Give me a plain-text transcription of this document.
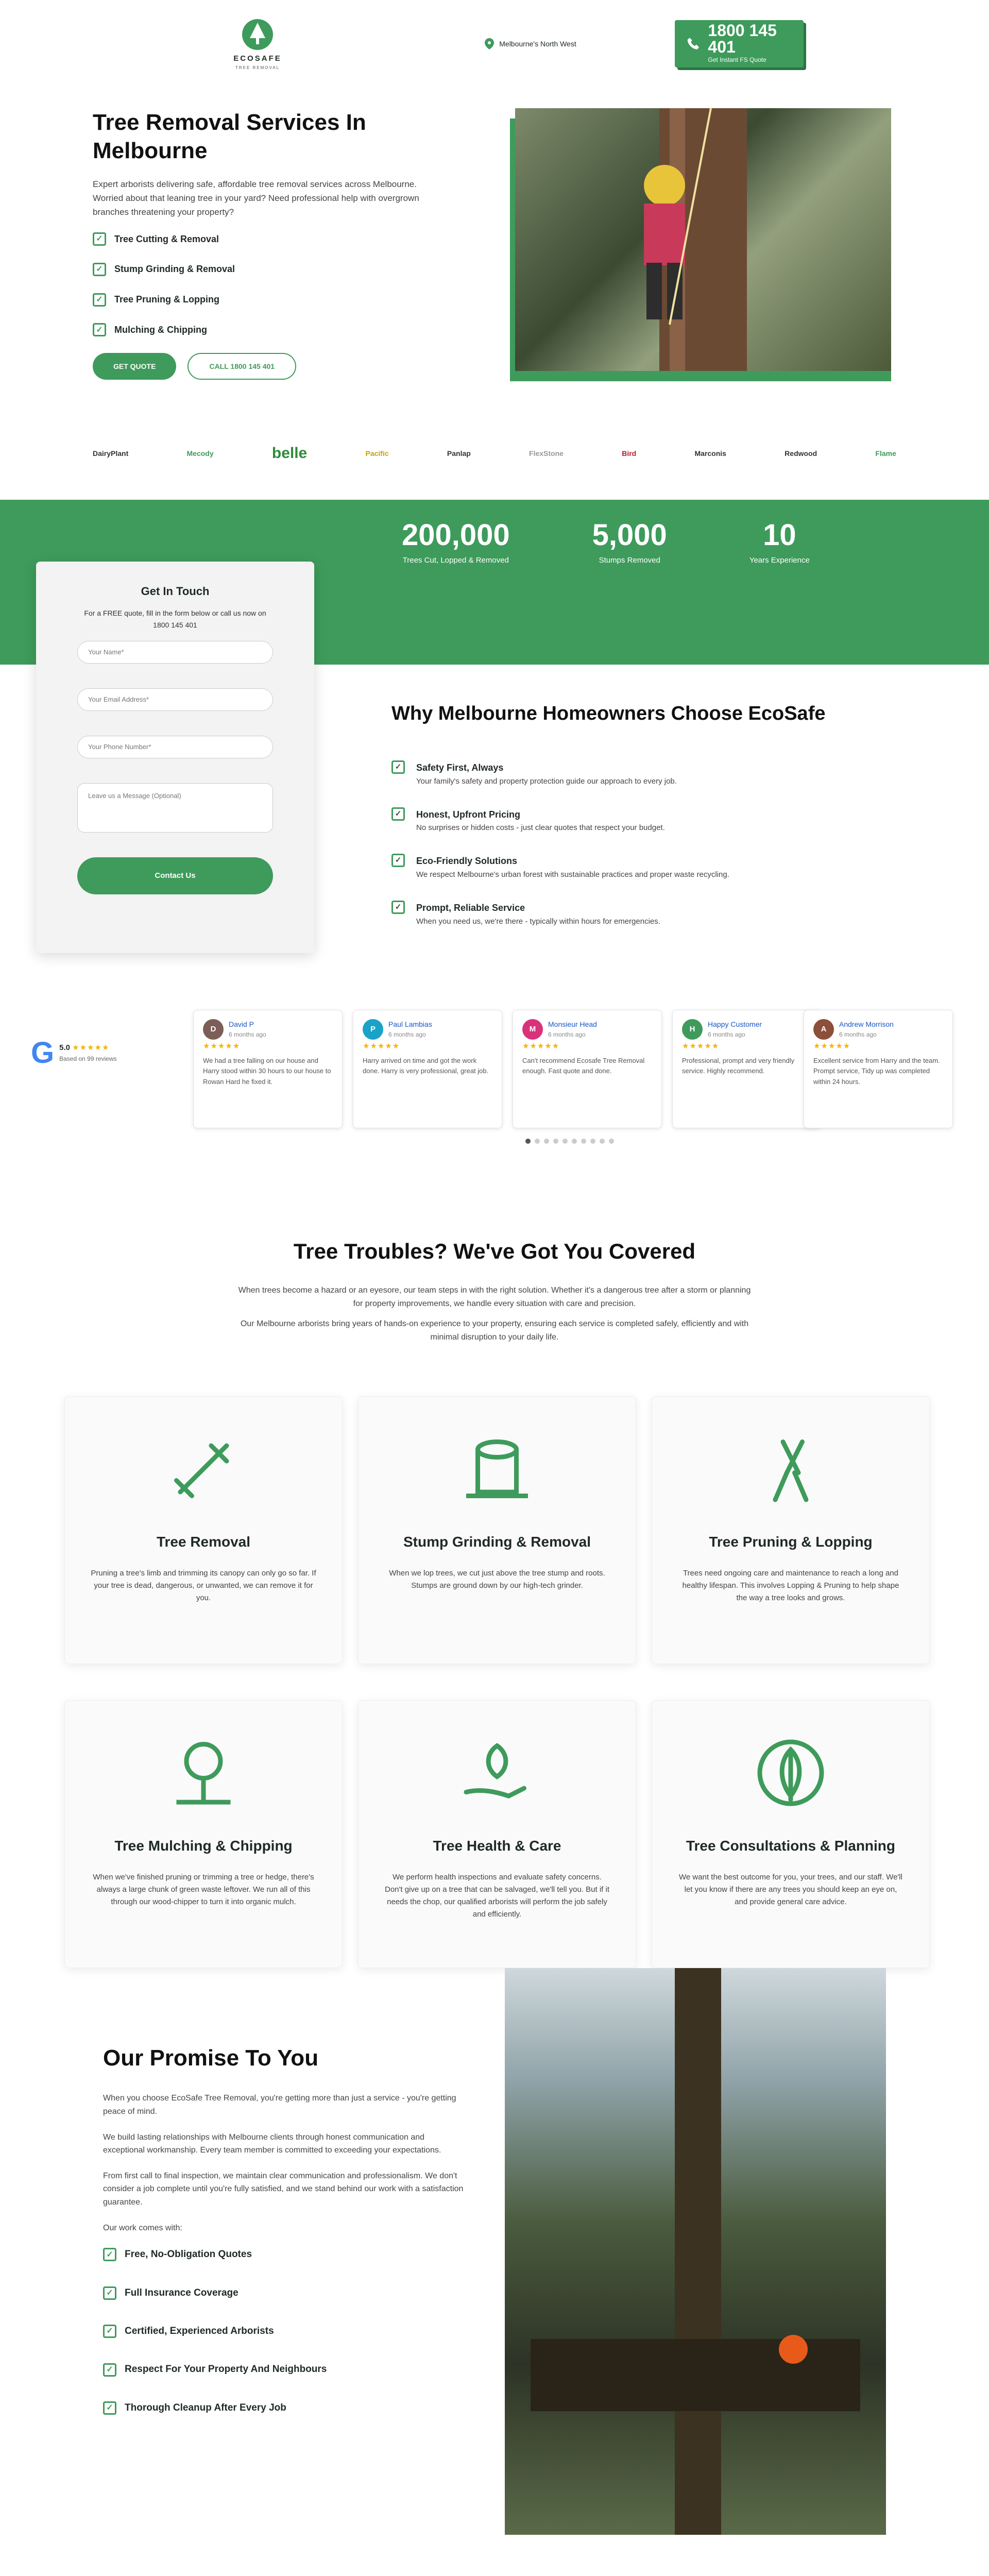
ECOSAFE
TREE REMOVAL
Melbourne's North West
1800 145 401
Get Instant FS Quote
Tree Removal Services In Melbourne

Expert arborists delivering safe, affordable tree removal services across Melbourne. Worried about that leaning tree in your yard? Need professional help with overgrown branches threatening your property?

✓	Tree Cutting & Removal
✓	Stump Grinding & Removal
✓	Tree Pruning & Lopping
✓	Mulching & Chipping
GET QUOTE	CALL 1800 145 401
DairyPlant	Mecody	belle	Pacific	Panlap	FlexStone	Bird	Marconis	Redwood	Flame
200,000
Trees Cut, Lopped & Removed
5,000
Stumps Removed
10
Years Experience
Get In Touch
For a FREE quote, fill in the form below or call us now on 1800 145 401
Your Name*
Your Email Address*
Your Phone Number*
Leave us a Message (Optional)
Contact Us
Why Melbourne Homeowners Choose EcoSafe
✓	Safety First, Always
Your family's safety and property protection guide our approach to every job.
✓	Honest, Upfront Pricing
No surprises or hidden costs - just clear quotes that respect your budget.
✓	Eco-Friendly Solutions
We respect Melbourne's urban forest with sustainable practices and proper waste recycling.
✓	Prompt, Reliable Service
When you need us, we're there - typically within hours for emergencies.
G 5.0 ★★★★★
Based on 99 reviews
D
David P
6 months ago
★★★★★
We had a tree falling on our house and Harry stood within 30 hours to our house to Rowan Hard he fixed it.
P
Paul Lambias
6 months ago
★★★★★
Harry arrived on time and got the work done. Harry is very professional, great job.
M
Monsieur Head
6 months ago
★★★★★
Can't recommend Ecosafe Tree Removal enough. Fast quote and done.
H
Happy Customer
6 months ago
★★★★★
Professional, prompt and very friendly service. Highly recommend.
A
Andrew Morrison
6 months ago
★★★★★
Excellent service from Harry and the team. Prompt service, Tidy up was completed within 24 hours.
Tree Troubles? We've Got You Covered

When trees become a hazard or an eyesore, our team steps in with the right solution. Whether it's a dangerous tree after a storm or planning for property improvements, we handle every situation with care and precision.

Our Melbourne arborists bring years of hands-on experience to your property, ensuring each service is completed safely, efficiently and with minimal disruption to your daily life.

Tree Removal

Pruning a tree's limb and trimming its canopy can only go so far. If your tree is dead, dangerous, or unwanted, we can remove it for you.

Stump Grinding & Removal

When we lop trees, we cut just above the tree stump and roots. Stumps are ground down by our high-tech grinder.

Tree Pruning & Lopping

Trees need ongoing care and maintenance to reach a long and healthy lifespan. This involves Lopping & Pruning to help shape the way a tree looks and grows.

Tree Mulching & Chipping

When we've finished pruning or trimming a tree or hedge, there's always a large chunk of green waste leftover. We run all of this through our wood-chipper to turn it into organic mulch.

Tree Health & Care

We perform health inspections and evaluate safety concerns. Don't give up on a tree that can be salvaged, we'll tell you. But if it needs the chop, our qualified arborists will perform the job safely and efficiently.

Tree Consultations & Planning

We want the best outcome for you, your trees, and our staff. We'll let you know if there are any trees you should keep an eye on, and provide general care advice.

Our Promise To You

When you choose EcoSafe Tree Removal, you're getting more than just a service - you're getting peace of mind.

We build lasting relationships with Melbourne clients through honest communication and exceptional workmanship. Every team member is committed to exceeding your expectations.

From first call to final inspection, we maintain clear communication and professionalism. We don't consider a job complete until you're fully satisfied, and we stand behind our work with a satisfaction guarantee.

Our work comes with:

✓	Free, No-Obligation Quotes
✓	Full Insurance Coverage
✓	Certified, Experienced Arborists
✓	Respect For Your Property And Neighbours
✓	Thorough Cleanup After Every Job
